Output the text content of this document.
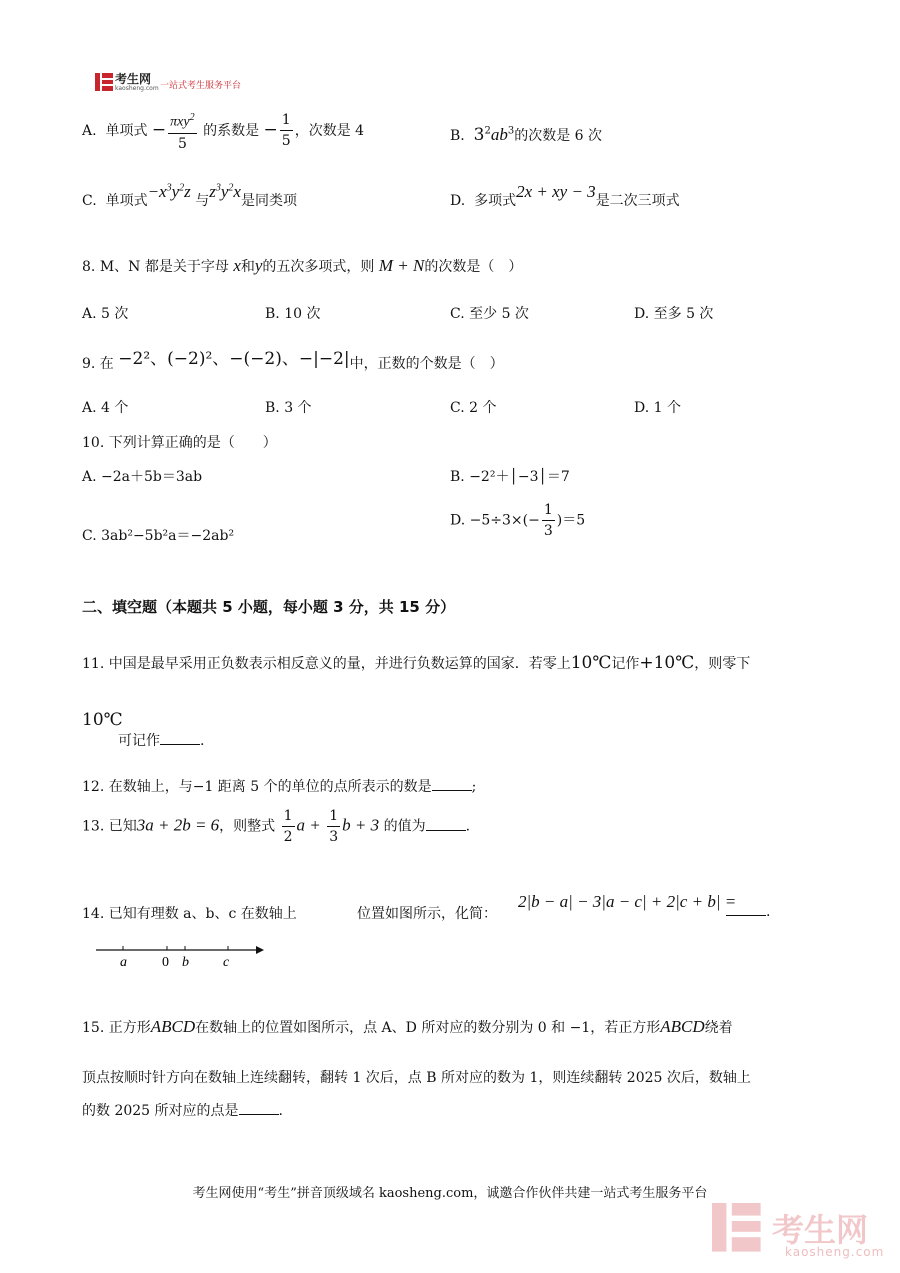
考生网
kaosheng.com 一站式考生服务平台
A. 单项式 − $\frac{\pi xy^2}{5}$ 的系数是 − $\frac{1}{5}$ ，次数是 4	B. $3^2ab^3$的次数是 6 次
C. 单项式$-x^3y^2z$ 与$z^3y^2x$是同类项	D. 多项式2x + xy − 3是二次三项式
8. M、N 都是关于字母 x和y的五次多项式，则 M + N的次数是（　）
A. 5 次	B. 10 次	C. 至少 5 次	D. 至多 5 次
9. 在 −2²、(−2)²、−(−2)、−|−2|中，正数的个数是（　）
A. 4 个	B. 3 个	C. 2 个	D. 1 个
10. 下列计算正确的是（　　）
A. −2a＋5b＝3ab	B. −2²＋│−3│＝7
C. 3ab²−5b²a＝−2ab²
D. $-5\div 3\times(- \frac{1}{3} )=5$
二、填空题（本题共 5 小题，每小题 3 分，共 15 分）
11. 中国是最早采用正负数表示相反意义的量，并进行负数运算的国家．若零上10℃记作+10℃，则零下
10℃
可记作	.
12. 在数轴上，与−1 距离 5 个的单位的点所表示的数是	;
13. 已知3a + 2b = 6，则整式 $\frac{1}{2}$ $a + \frac{1}{3}$ b + 3 的值为	.
14. 已知有理数 a、b、c 在数轴上	位置如图所示，化简：
2|b − a| − 3|a − c| + 2|c + b| =
.
a	0 b c
15. 正方形ABCD在数轴上的位置如图所示，点 A、D 所对应的数分别为 0 和 −1，若正方形ABCD绕着
顶点按顺时针方向在数轴上连续翻转，翻转 1 次后，点 B 所对应的数为 1，则连续翻转 2025 次后，数轴上
的数 2025 所对应的点是	.
考生网使用“考生”拼音顶级域名 kaosheng.com，诚邀合作伙伴共建一站式考生服务平台
考生网
kaosheng.com
